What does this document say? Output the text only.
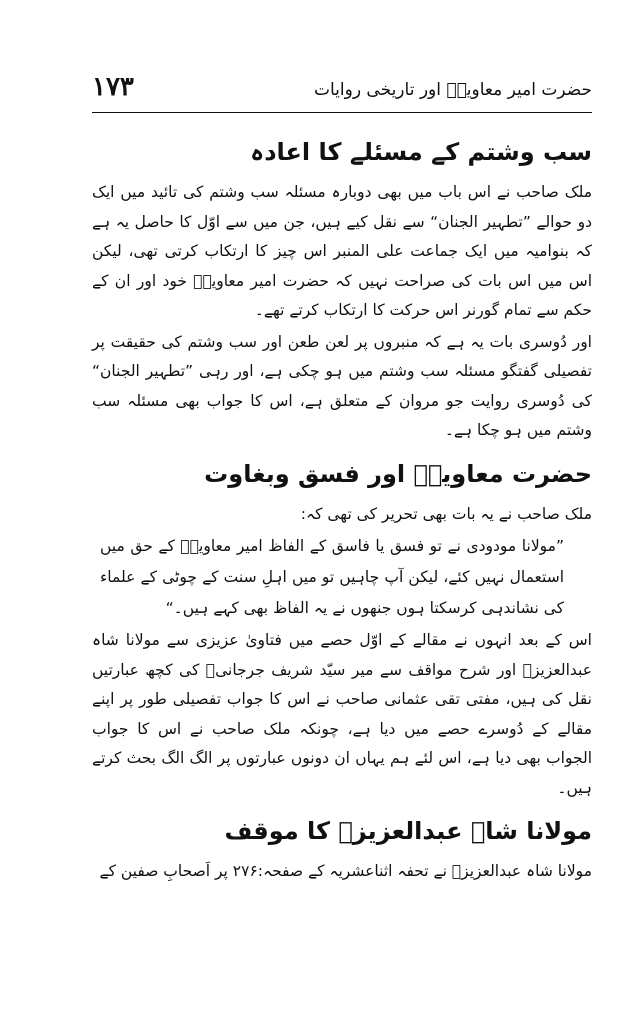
۱۷۳	حضرت امیر معاویہؓ اور تاریخی روایات
سب وشتم کے مسئلے کا اعادہ

ملک صاحب نے اس باب میں بھی دوبارہ مسئلہ سب وشتم کی تائید میں ایک دو حوالے ”تطہیر الجنان“ سے نقل کیے ہیں، جن میں سے اوّل کا حاصل یہ ہے کہ بنوامیہ میں ایک جماعت علی المنبر اس چیز کا ارتکاب کرتی تھی، لیکن اس میں اس بات کی صراحت نہیں کہ حضرت امیر معاویہؓ خود اور ان کے حکم سے تمام گورنر اس حرکت کا ارتکاب کرتے تھے۔

اور دُوسری بات یہ ہے کہ منبروں پر لعن طعن اور سب وشتم کی حقیقت پر تفصیلی گفتگو مسئلہ سب وشتم میں ہو چکی ہے، اور رہی ”تطہیر الجنان“ کی دُوسری روایت جو مروان کے متعلق ہے، اس کا جواب بھی مسئلہ سب وشتم میں ہو چکا ہے۔

حضرت معاویہؓ اور فسق وبغاوت

ملک صاحب نے یہ بات بھی تحریر کی تھی کہ:

”مولانا مودودی نے تو فسق یا فاسق کے الفاظ امیر معاویہؓ کے حق میں استعمال نہیں کئے، لیکن آپ چاہیں تو میں اہلِ سنت کے چوٹی کے علماء کی نشاندہی کرسکتا ہوں جنھوں نے یہ الفاظ بھی کہے ہیں۔“

اس کے بعد انہوں نے مقالے کے اوّل حصے میں فتاویٰ عزیزی سے مولانا شاہ عبدالعزیزؒ اور شرح مواقف سے میر سیّد شریف جرجانیؒ کی کچھ عبارتیں نقل کی ہیں، مفتی تقی عثمانی صاحب نے اس کا جواب تفصیلی طور پر اپنے مقالے کے دُوسرے حصے میں دیا ہے، چونکہ ملک صاحب نے اس کا جواب الجواب بھی دیا ہے، اس لئے ہم یہاں ان دونوں عبارتوں پر الگ الگ بحث کرتے ہیں۔

مولانا شاہ عبدالعزیزؒ کا موقف

مولانا شاہ عبدالعزیزؒ نے تحفہ اثناعشریہ کے صفحہ:۲۷۶ پر اَصحابِ صفین کے
